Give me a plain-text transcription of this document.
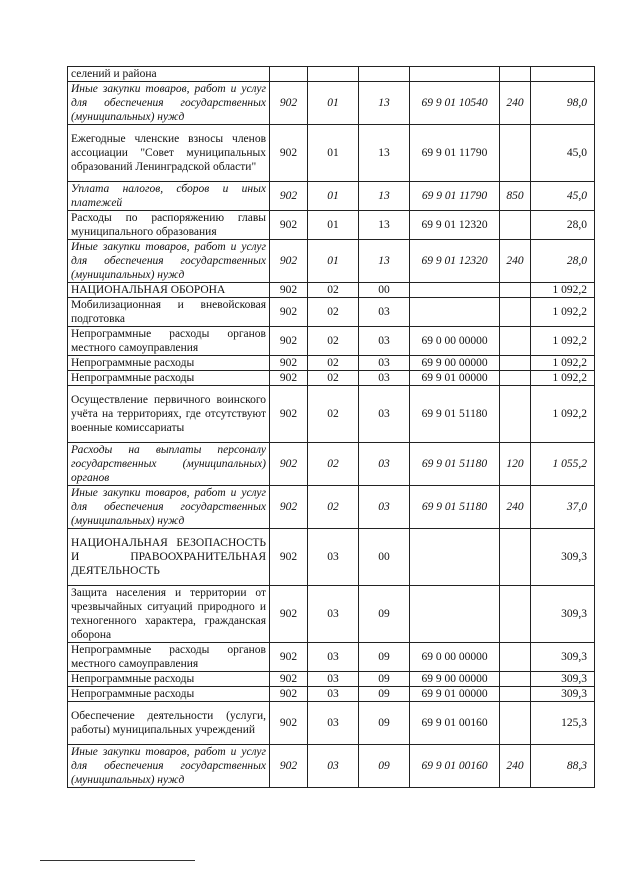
селений и района						
Иные закупки товаров, работ и услуг для обеспечения государственных (муниципальных) нужд	902	01	13	69 9 01 10540	240	98,0
Ежегодные членские взносы членов ассоциации "Совет муниципальных образований Ленинградской области"	902	01	13	69 9 01 11790		45,0
Уплата налогов, сборов и иных платежей	902	01	13	69 9 01 11790	850	45,0
Расходы по распоряжению главы муниципального образования	902	01	13	69 9 01 12320		28,0
Иные закупки товаров, работ и услуг для обеспечения государственных (муниципальных) нужд	902	01	13	69 9 01 12320	240	28,0
НАЦИОНАЛЬНАЯ ОБОРОНА	902	02	00			1 092,2
Мобилизационная и вневойсковая подготовка	902	02	03			1 092,2
Непрограммные расходы органов местного самоуправления	902	02	03	69 0 00 00000		1 092,2
Непрограммные расходы	902	02	03	69 9 00 00000		1 092,2
Непрограммные расходы	902	02	03	69 9 01 00000		1 092,2
Осуществление первичного воинского учёта на территориях, где отсутствуют военные комиссариаты	902	02	03	69 9 01 51180		1 092,2
Расходы на выплаты персоналу государственных (муниципальных) органов	902	02	03	69 9 01 51180	120	1 055,2
Иные закупки товаров, работ и услуг для обеспечения государственных (муниципальных) нужд	902	02	03	69 9 01 51180	240	37,0
НАЦИОНАЛЬНАЯ БЕЗОПАСНОСТЬ И ПРАВООХРАНИТЕЛЬНАЯ ДЕЯТЕЛЬНОСТЬ	902	03	00			309,3
Защита населения и территории от чрезвычайных ситуаций природного и техногенного характера, гражданская оборона	902	03	09			309,3
Непрограммные расходы органов местного самоуправления	902	03	09	69 0 00 00000		309,3
Непрограммные расходы	902	03	09	69 9 00 00000		309,3
Непрограммные расходы	902	03	09	69 9 01 00000		309,3
Обеспечение деятельности (услуги, работы) муниципальных учреждений	902	03	09	69 9 01 00160		125,3
Иные закупки товаров, работ и услуг для обеспечения государственных (муниципальных) нужд	902	03	09	69 9 01 00160	240	88,3
